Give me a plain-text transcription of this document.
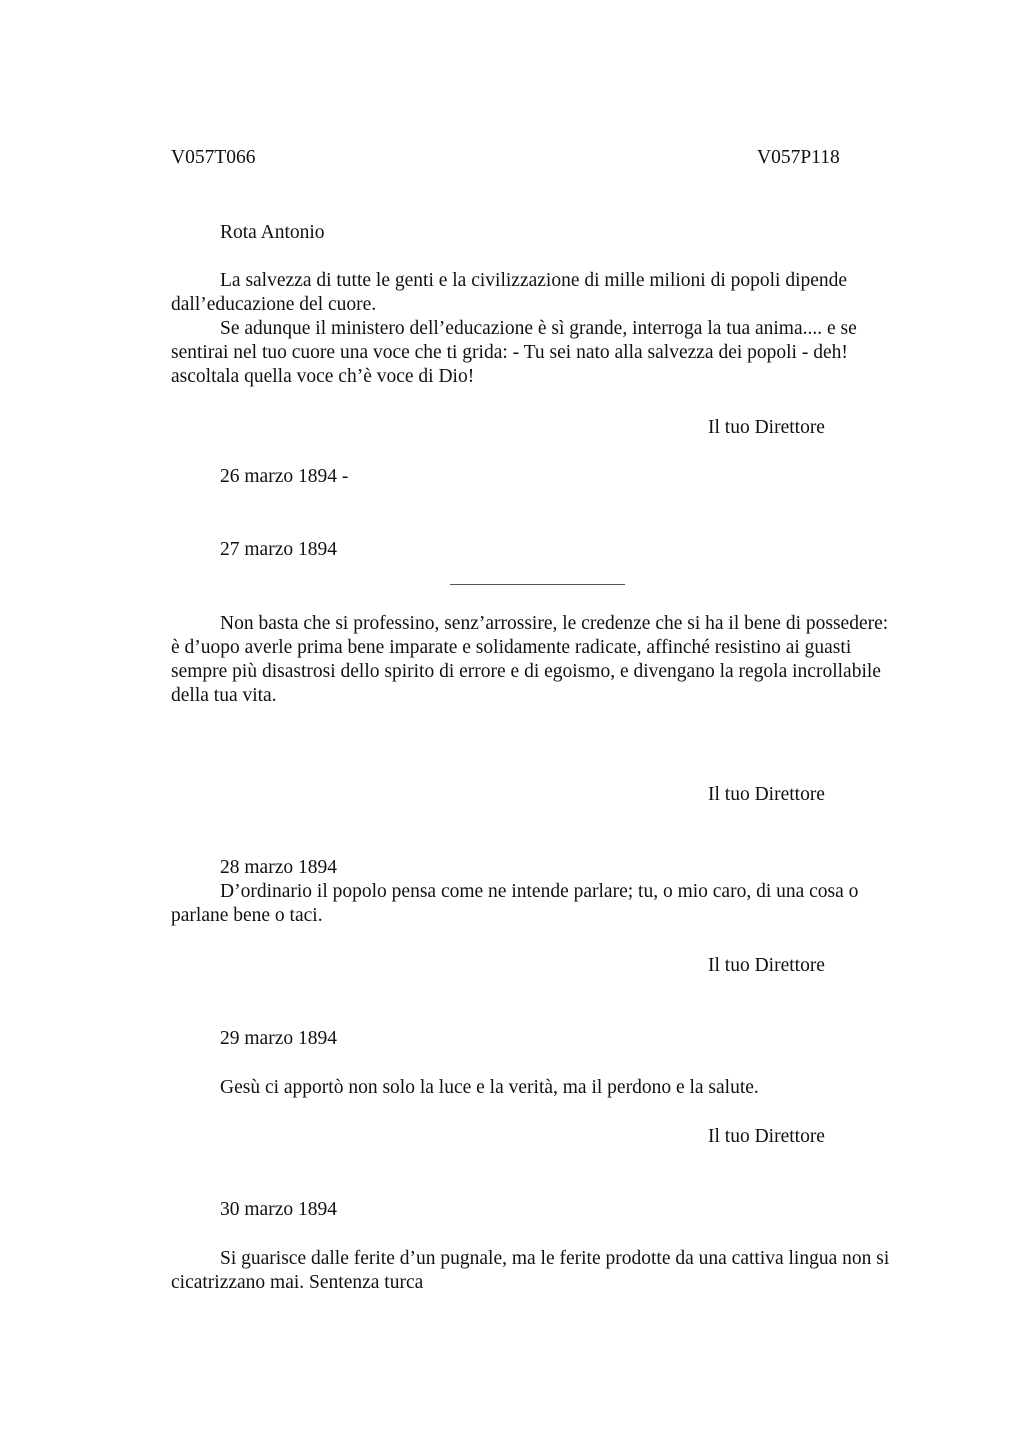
V057T066	V057P118
Rota Antonio

La salvezza di tutte le genti e la civilizzazione di mille milioni di popoli dipende dall’educazione del cuore.

Se adunque il ministero dell’educazione è sì grande, interroga la tua anima.... e se sentirai nel tuo cuore una voce che ti grida: - Tu sei nato alla salvezza dei popoli - deh! ascoltala quella voce ch’è voce di Dio!

Il tuo Direttore
26 marzo 1894 -
27 marzo 1894

Non basta che si professino, senz’arrossire, le credenze che si ha il bene di possedere:

è d’uopo averle prima bene imparate e solidamente radicate, affinché resistino ai guasti sempre più disastrosi dello spirito di errore e di egoismo, e divengano la regola incrollabile

della tua vita.

Il tuo Direttore
28 marzo 1894
D’ordinario il popolo pensa come ne intende parlare; tu, o mio caro, di una cosa o parlane bene o taci.
Il tuo Direttore
29 marzo 1894
Gesù ci apportò non solo la luce e la verità, ma il perdono e la salute.
Il tuo Direttore
30 marzo 1894
Si guarisce dalle ferite d’un pugnale, ma le ferite prodotte da una cattiva lingua non si cicatrizzano mai. Sentenza turca
